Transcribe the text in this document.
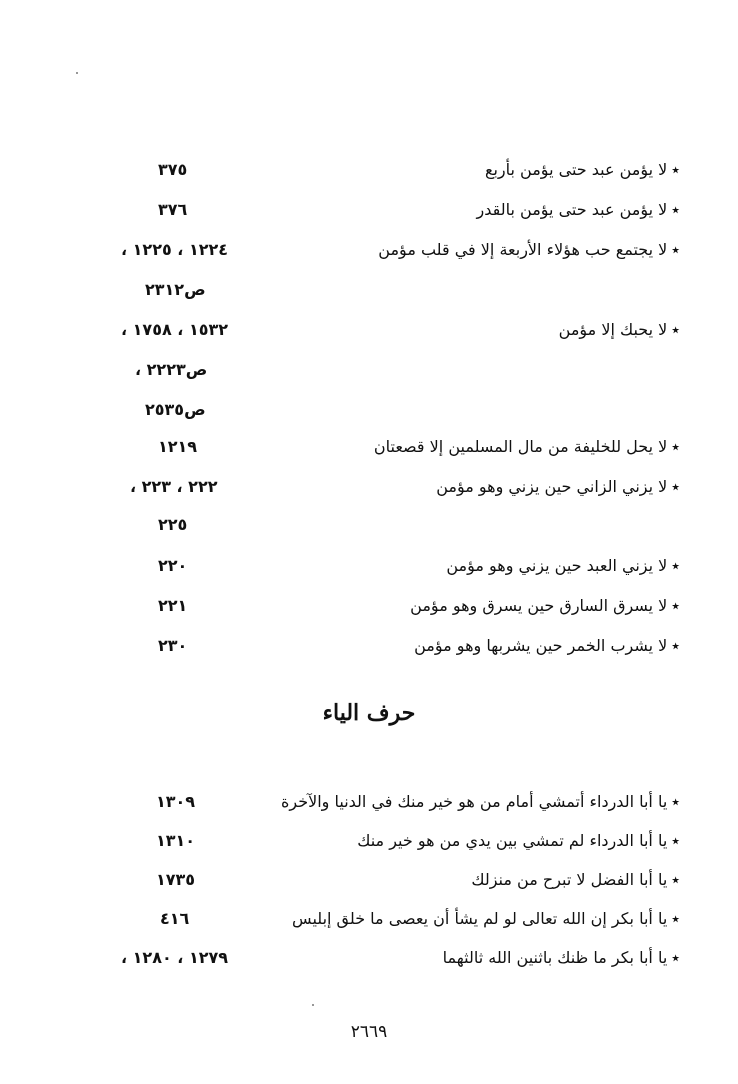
٭لا يؤمن عبد حتى يؤمن بأربع
٣٧٥
٭لا يؤمن عبد حتى يؤمن بالقدر
٣٧٦
٭لا يجتمع حب هؤلاء الأربعة إلا في قلب مؤمن
١٢٢٤ ، ١٢٢٥ ،
ص٢٣١٢
٭لا يحبك إلا مؤمن
١٥٣٢ ، ١٧٥٨ ،
ص٢٢٢٣ ،
ص٢٥٣٥
٭لا يحل للخليفة من مال المسلمين إلا قصعتان
١٢١٩
٭لا يزني الزاني حين يزني وهو مؤمن
٢٢٢ ، ٢٢٣ ،
٢٢٥
٭لا يزني العبد حين يزني وهو مؤمن
٢٢٠
٭لا يسرق السارق حين يسرق وهو مؤمن
٢٢١
٭لا يشرب الخمر حين يشربها وهو مؤمن
٢٣٠
حرف الياء
٭يا أبا الدرداء أتمشي أمام من هو خير منك في الدنيا والآخرة
١٣٠٩
٭يا أبا الدرداء لم تمشي بين يدي من هو خير منك
١٣١٠
٭يا أبا الفضل لا تبرح من منزلك
١٧٣٥
٭يا أبا بكر إن الله تعالى لو لم يشأ أن يعصى ما خلق إبليس
٤١٦
٭يا أبا بكر ما ظنك باثنين الله ثالثهما
١٢٧٩ ، ١٢٨٠ ،
٢٦٦٩
